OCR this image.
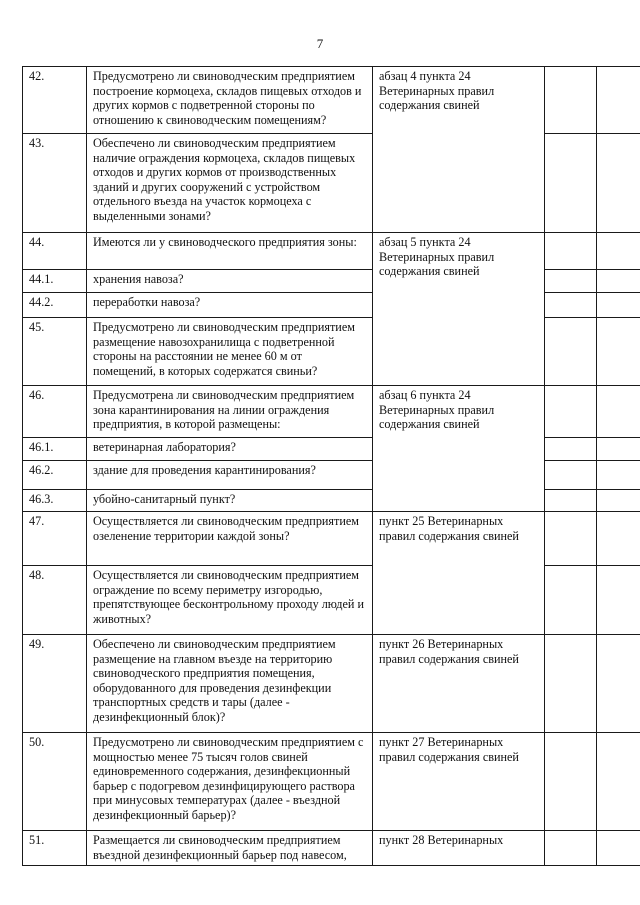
7
42.	Предусмотрено ли свиноводческим предприятием построение кормоцеха, складов пищевых отходов и других кормов с подветренной стороны по отношению к свиноводческим помещениям?	абзац 4 пункта 24 Ветеринарных правил содержания свиней		
43.	Обеспечено ли свиноводческим предприятием наличие ограждения кормоцеха, складов пищевых отходов и других кормов от производственных зданий и других сооружений с устройством отдельного въезда на участок кормоцеха с выделенными зонами?			
44.	Имеются ли у свиноводческого предприятия зоны:	абзац 5 пункта 24 Ветеринарных правил содержания свиней		
44.1.	хранения навоза?			
44.2.	переработки навоза?			
45.	Предусмотрено ли свиноводческим предприятием размещение навозохранилища с подветренной стороны на расстоянии не менее 60 м от помещений, в которых содержатся свиньи?			
46.	Предусмотрена ли свиноводческим предприятием зона карантинирования на линии ограждения предприятия, в которой размещены:	абзац 6 пункта 24 Ветеринарных правил содержания свиней		
46.1.	ветеринарная лаборатория?			
46.2.	здание для проведения карантинирования?			
46.3.	убойно-санитарный пункт?			
47.	Осуществляется ли свиноводческим предприятием озеленение территории каждой зоны?	пункт 25 Ветеринарных правил содержания свиней		
48.	Осуществляется ли свиноводческим предприятием ограждение по всему периметру изгородью, препятствующее бесконтрольному проходу людей и животных?			
49.	Обеспечено ли свиноводческим предприятием размещение на главном въезде на территорию свиноводческого предприятия помещения, оборудованного для проведения дезинфекции транспортных средств и тары (далее - дезинфекционный блок)?	пункт 26 Ветеринарных правил содержания свиней		
50.	Предусмотрено ли свиноводческим предприятием с мощностью менее 75 тысяч голов свиней единовременного содержания, дезинфекционный барьер с подогревом дезинфицирующего раствора при минусовых температурах (далее - въездной дезинфекционный барьер)?	пункт 27 Ветеринарных правил содержания свиней		
51.	Размещается ли свиноводческим предприятием въездной дезинфекционный барьер под навесом,	пункт 28 Ветеринарных		
